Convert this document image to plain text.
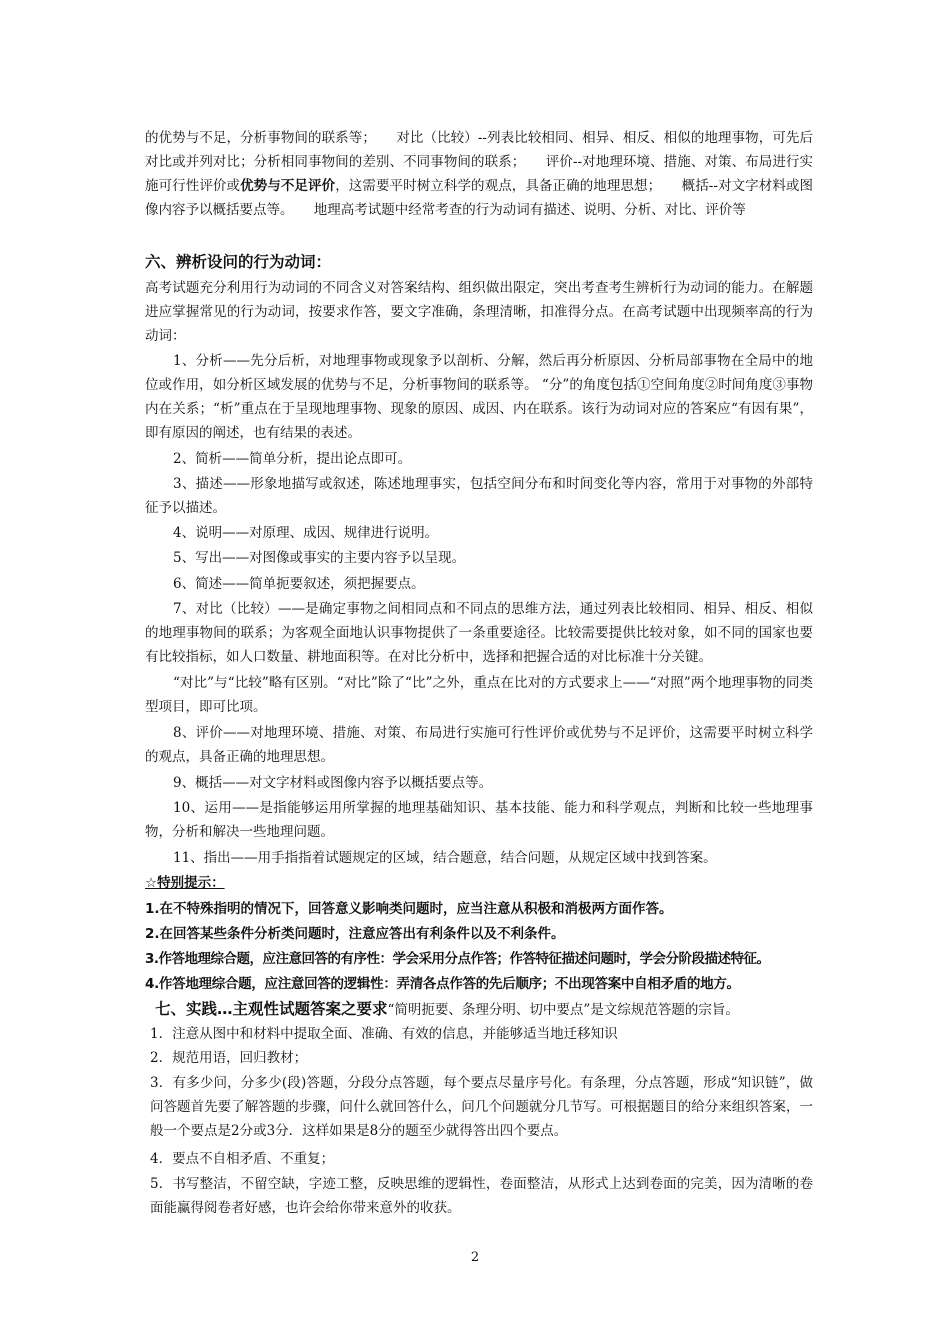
的优势与不足，分析事物间的联系等；　　对比（比较）--列表比较相同、相异、相反、相似的地理事物，可先后对比或并列对比；分析相同事物间的差别、不同事物间的联系；　　评价--对地理环境、措施、对策、布局进行实施可行性评价或优势与不足评价，这需要平时树立科学的观点，具备正确的地理思想；　　概括--对文字材料或图像内容予以概括要点等。　　地理高考试题中经常考查的行为动词有描述、说明、分析、对比、评价等
六、辨析设问的行为动词：
高考试题充分利用行为动词的不同含义对答案结构、组织做出限定，突出考查考生辨析行为动词的能力。在解题进应掌握常见的行为动词，按要求作答，要文字准确，条理清晰，扣准得分点。在高考试题中出现频率高的行为动词：
1、分析——先分后析，对地理事物或现象予以剖析、分解，然后再分析原因、分析局部事物在全局中的地位或作用，如分析区域发展的优势与不足，分析事物间的联系等。 “分”的角度包括①空间角度②时间角度③事物内在关系；“析”重点在于呈现地理事物、现象的原因、成因、内在联系。该行为动词对应的答案应“有因有果”，即有原因的阐述，也有结果的表述。
2、简析——简单分析，提出论点即可。
3、描述——形象地描写或叙述，陈述地理事实，包括空间分布和时间变化等内容，常用于对事物的外部特征予以描述。
4、说明——对原理、成因、规律进行说明。
5、写出——对图像或事实的主要内容予以呈现。
6、简述——简单扼要叙述，须把握要点。
7、对比（比较）——是确定事物之间相同点和不同点的思维方法，通过列表比较相同、相异、相反、相似的地理事物间的联系；为客观全面地认识事物提供了一条重要途径。比较需要提供比较对象，如不同的国家也要有比较指标，如人口数量、耕地面积等。在对比分析中，选择和把握合适的对比标准十分关键。
“对比”与“比较”略有区别。“对比”除了“比”之外，重点在比对的方式要求上——“对照”两个地理事物的同类型项目，即可比项。
8、评价——对地理环境、措施、对策、布局进行实施可行性评价或优势与不足评价，这需要平时树立科学的观点，具备正确的地理思想。
9、概括——对文字材料或图像内容予以概括要点等。
10、运用——是指能够运用所掌握的地理基础知识、基本技能、能力和科学观点，判断和比较一些地理事物，分析和解决一些地理问题。
11、指出——用手指指着试题规定的区域，结合题意，结合问题，从规定区域中找到答案。
☆特别提示：
1.在不特殊指明的情况下，回答意义影响类问题时，应当注意从积极和消极两方面作答。
2.在回答某些条件分析类问题时，注意应答出有利条件以及不利条件。
3.作答地理综合题，应注意回答的有序性：学会采用分点作答；作答特征描述问题时，学会分阶段描述特征。
4.作答地理综合题，应注意回答的逻辑性：弄清各点作答的先后顺序；不出现答案中自相矛盾的地方。
七、实践…主观性试题答案之要求“简明扼要、条理分明、切中要点”是文综规范答题的宗旨。
1．注意从图中和材料中提取全面、准确、有效的信息，并能够适当地迁移知识
2．规范用语，回归教材；
3．有多少问，分多少(段)答题，分段分点答题，每个要点尽量序号化。有条理，分点答题，形成“知识链”，做问答题首先要了解答题的步骤，问什么就回答什么，问几个问题就分几节写。可根据题目的给分来组织答案，一般一个要点是2分或3分．这样如果是8分的题至少就得答出四个要点。
4．要点不自相矛盾、不重复；
5．书写整洁，不留空缺，字迹工整，反映思维的逻辑性，卷面整洁，从形式上达到卷面的完美，因为清晰的卷面能赢得阅卷者好感，也许会给你带来意外的收获。
2
